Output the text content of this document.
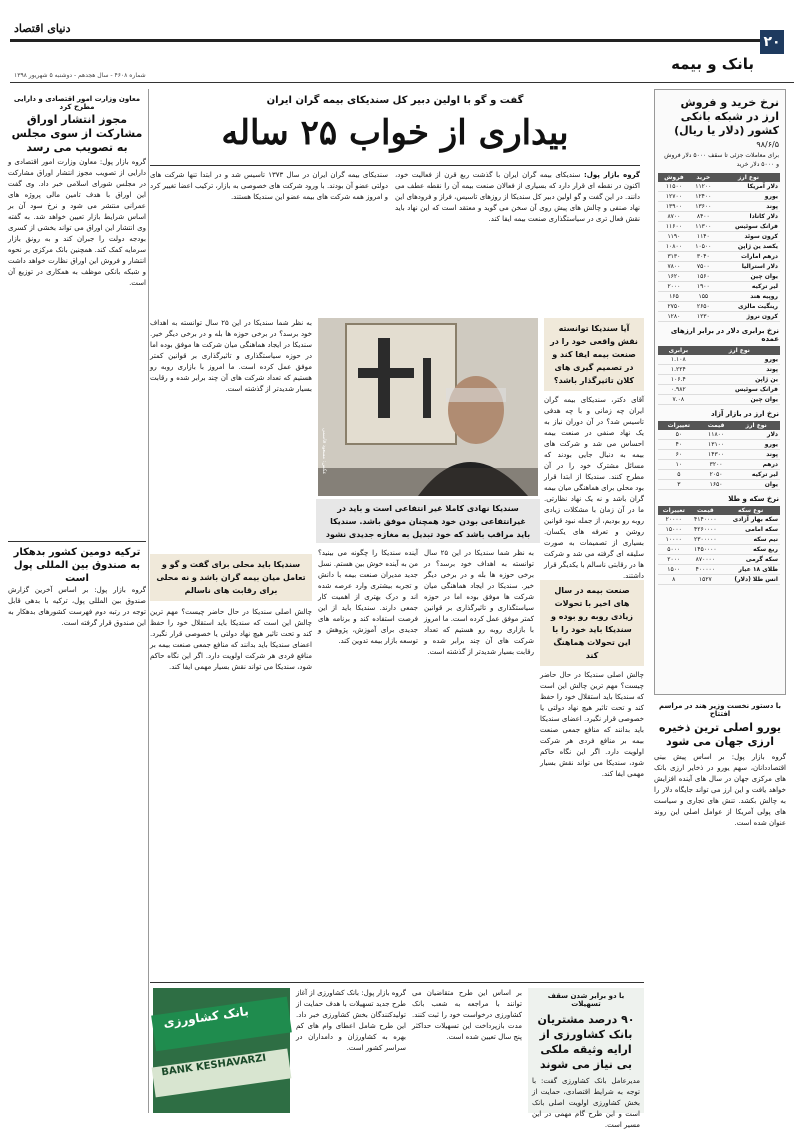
۲۰
دنیای اقتصاد
بانک و بیمه
شماره ۴۶۰۸ - سال هجدهم - دوشنبه ۵ شهریور ۱۳۹۸
گفت و گو با اولین دبیر کل سندیکای بیمه گران ایران
بیداری از خواب ۲۵ ساله
گروه بازار پول: سندیکای بیمه گران ایران با گذشت ربع قرن از فعالیت خود، اکنون در نقطه ای قرار دارد که بسیاری از فعالان صنعت بیمه آن را نقطه عطف می دانند. در این گفت و گو اولین دبیر کل سندیکا از روزهای تاسیس، فراز و فرودهای این نهاد صنفی و چالش های پیش روی آن سخن می گوید و معتقد است که این نهاد باید نقش فعال تری در سیاستگذاری صنعت بیمه ایفا کند.
سندیکای بیمه گران ایران در سال ۱۳۷۳ تاسیس شد و در ابتدا تنها شرکت های دولتی عضو آن بودند. با ورود شرکت های خصوصی به بازار، ترکیب اعضا تغییر کرد و امروز همه شرکت های بیمه عضو این سندیکا هستند.
عکس: مسعود قاسمی
سندیکا نهادی کاملا غیر انتفاعی است و باید در غیرانتفاعی بودن خود همچنان موفق باشد. سندیکا باید مراقب باشد که خود تبدیل به مغازه جدیدی نشود
آیا سندیکا توانسته نقش واقعی خود را در صنعت بیمه ایفا کند و در تصمیم گیری های کلان تاثیرگذار باشد؟
آقای دکتر، سندیکای بیمه گران ایران چه زمانی و با چه هدفی تاسیس شد؟ در آن دوران نیاز به یک نهاد صنفی در صنعت بیمه احساس می شد و شرکت های بیمه به دنبال جایی بودند که مسائل مشترک خود را در آن مطرح کنند. سندیکا از ابتدا قرار بود محلی برای هماهنگی میان بیمه گران باشد و نه یک نهاد نظارتی. ما در آن زمان با مشکلات زیادی روبه رو بودیم، از جمله نبود قوانین روشن و تعرفه های یکسان. بسیاری از تصمیمات به صورت سلیقه ای گرفته می شد و شرکت ها در رقابتی ناسالم با یکدیگر قرار داشتند.
به نظر شما سندیکا در این ۲۵ سال توانسته به اهداف خود برسد؟ در برخی حوزه ها بله و در برخی دیگر خیر. سندیکا در ایجاد هماهنگی میان شرکت ها موفق بوده اما در حوزه سیاستگذاری و تاثیرگذاری بر قوانین کمتر موفق عمل کرده است. ما امروز با بازاری روبه رو هستیم که تعداد شرکت های آن چند برابر شده و رقابت بسیار شدیدتر از گذشته است.
سندیکا باید محلی برای گفت و گو و تعامل میان بیمه گران باشد و نه محلی برای رقابت های ناسالم
چالش اصلی سندیکا در حال حاضر چیست؟ مهم ترین چالش این است که سندیکا باید استقلال خود را حفظ کند و تحت تاثیر هیچ نهاد دولتی یا خصوصی قرار نگیرد. اعضای سندیکا باید بدانند که منافع جمعی صنعت بیمه بر منافع فردی هر شرکت اولویت دارد. اگر این نگاه حاکم شود، سندیکا می تواند نقش بسیار مهمی ایفا کند.
آینده سندیکا را چگونه می بینید؟ من به آینده خوش بین هستم. نسل جدید مدیران صنعت بیمه با دانش و تجربه بیشتری وارد عرصه شده اند و درک بهتری از اهمیت کار جمعی دارند. سندیکا باید از این فرصت استفاده کند و برنامه های جدیدی برای آموزش، پژوهش و توسعه بازار بیمه تدوین کند.
به نظر شما سندیکا در این ۲۵ سال توانسته به اهداف خود برسد؟ در برخی حوزه ها بله و در برخی دیگر خیر. سندیکا در ایجاد هماهنگی میان شرکت ها موفق بوده اما در حوزه سیاستگذاری و تاثیرگذاری بر قوانین کمتر موفق عمل کرده است. ما امروز با بازاری روبه رو هستیم که تعداد شرکت های آن چند برابر شده و رقابت بسیار شدیدتر از گذشته است.
صنعت بیمه در سال های اخیر با تحولات زیادی روبه رو بوده و سندیکا باید خود را با این تحولات هماهنگ کند
چالش اصلی سندیکا در حال حاضر چیست؟ مهم ترین چالش این است که سندیکا باید استقلال خود را حفظ کند و تحت تاثیر هیچ نهاد دولتی یا خصوصی قرار نگیرد. اعضای سندیکا باید بدانند که منافع جمعی صنعت بیمه بر منافع فردی هر شرکت اولویت دارد. اگر این نگاه حاکم شود، سندیکا می تواند نقش بسیار مهمی ایفا کند.
معاون وزارت امور اقتصادی و دارایی مطرح کرد
مجوز انتشار اوراق مشارکت از سوی مجلس به تصویب می رسد
گروه بازار پول: معاون وزارت امور اقتصادی و دارایی از تصویب مجوز انتشار اوراق مشارکت در مجلس شورای اسلامی خبر داد. وی گفت این اوراق با هدف تامین مالی پروژه های عمرانی منتشر می شود و نرخ سود آن بر اساس شرایط بازار تعیین خواهد شد. به گفته وی انتشار این اوراق می تواند بخشی از کسری بودجه دولت را جبران کند و به رونق بازار سرمایه کمک کند. همچنین بانک مرکزی بر نحوه انتشار و فروش این اوراق نظارت خواهد داشت و شبکه بانکی موظف به همکاری در توزیع آن است.
ترکیه دومین کشور بدهکار به صندوق بین المللی پول است
گروه بازار پول: بر اساس آخرین گزارش صندوق بین المللی پول، ترکیه با بدهی قابل توجه در رتبه دوم فهرست کشورهای بدهکار به این صندوق قرار گرفته است.
نرخ خرید و فروش ارز در شبکه بانکی کشور (دلار یا ریال)
۹۸/۶/۵
برای معاملات جزئی تا سقف ۵۰۰۰ دلار فروش و ۵۰۰۰ دلار خرید
نوع ارز	خرید	فروش
دلار آمریکا	۱۱۲۰۰	۱۱۵۰۰
یورو	۱۲۴۰۰	۱۲۷۰۰
پوند	۱۳۶۰۰	۱۳۹۰۰
دلار کانادا	۸۴۰۰	۸۷۰۰
فرانک سوئیس	۱۱۳۰۰	۱۱۶۰۰
کرون سوئد	۱۱۴۰	۱۱۹۰
یکصد ین ژاپن	۱۰۵۰۰	۱۰۸۰۰
درهم امارات	۳۰۴۰	۳۱۳۰
دلار استرالیا	۷۵۰۰	۷۸۰۰
یوان چین	۱۵۶۰	۱۶۲۰
لیر ترکیه	۱۹۰۰	۲۰۰۰
روپیه هند	۱۵۵	۱۶۵
رینگیت مالزی	۲۶۵۰	۲۷۵۰
کرون نروژ	۱۲۳۰	۱۲۸۰
نرخ برابری دلار در برابر ارزهای عمده
نوع ارز	برابری
یورو	۱.۱۰۸
پوند	۱.۲۲۴
ین ژاپن	۱۰۶.۴
فرانک سوئیس	۰.۹۸۲
یوان چین	۷.۰۸
نرخ ارز در بازار آزاد
نوع ارز	قیمت	تغییرات
دلار	۱۱۸۰۰	۵۰
یورو	۱۳۱۰۰	۴۰
پوند	۱۴۳۰۰	۶۰
درهم	۳۲۰۰	۱۰
لیر ترکیه	۲۰۵۰	۵
یوان	۱۶۵۰	۳
نرخ سکه و طلا
نوع سکه	قیمت	تغییرات
سکه بهار آزادی	۴۱۴۰۰۰۰	۲۰۰۰۰
سکه امامی	۴۲۶۰۰۰۰	۱۵۰۰۰
نیم سکه	۲۳۰۰۰۰۰	۱۰۰۰۰
ربع سکه	۱۴۵۰۰۰۰	۵۰۰۰
سکه گرمی	۸۷۰۰۰۰	۲۰۰۰
طلای ۱۸ عیار	۴۰۰۰۰۰	۱۵۰۰
انس طلا (دلار)	۱۵۲۷	۸
با دستور نخست وزیر هند در مراسم افتتاح
یورو اصلی ترین ذخیره ارزی جهان می شود
گروه بازار پول: بر اساس پیش بینی اقتصاددانان، سهم یورو در ذخایر ارزی بانک های مرکزی جهان در سال های آینده افزایش خواهد یافت و این ارز می تواند جایگاه دلار را به چالش بکشد. تنش های تجاری و سیاست های پولی آمریکا از عوامل اصلی این روند عنوان شده است.
بانک کشاورزی
BANK KESHAVARZI
گروه بازار پول: بانک کشاورزی از آغاز طرح جدید تسهیلات با هدف حمایت از تولیدکنندگان بخش کشاورزی خبر داد. این طرح شامل اعطای وام های کم بهره به کشاورزان و دامداران در سراسر کشور است.
بر اساس این طرح متقاضیان می توانند با مراجعه به شعب بانک کشاورزی درخواست خود را ثبت کنند. مدت بازپرداخت این تسهیلات حداکثر پنج سال تعیین شده است.
با دو برابر شدن سقف تسهیلات
۹۰ درصد مشتریان بانک کشاورزی از ارایه وثیقه ملکی بی نیاز می شوند
مدیرعامل بانک کشاورزی گفت: با توجه به شرایط اقتصادی، حمایت از بخش کشاورزی اولویت اصلی بانک است و این طرح گام مهمی در این مسیر است.
